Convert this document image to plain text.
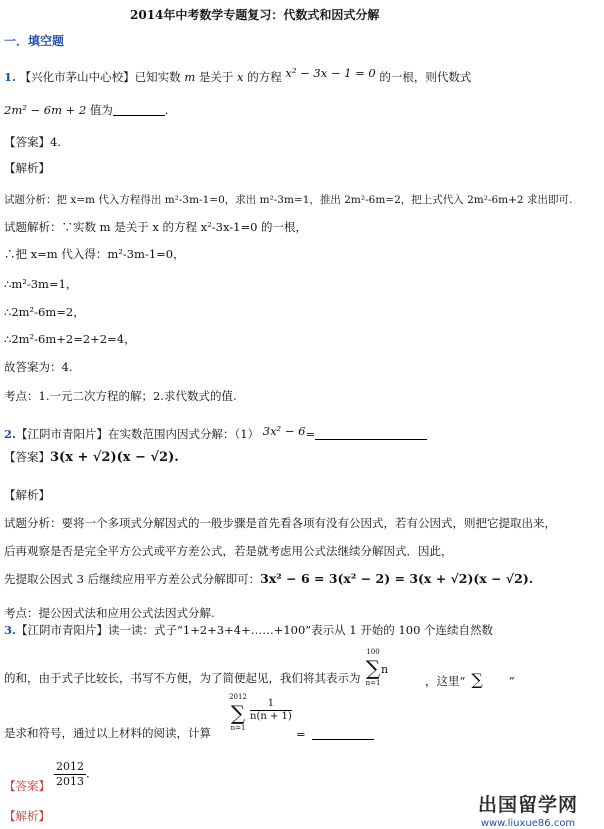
2014年中考数学专题复习：代数式和因式分解
一．填空题
1. 【兴化市茅山中心校】已知实数 m 是关于 x 的方程 x² − 3x − 1 = 0 的一根，则代数式
2m² − 6m + 2 值为	.
【答案】4.
【解析】
试题分析：把 x=m 代入方程得出 m²-3m-1=0，求出 m²-3m=1，推出 2m²-6m=2，把上式代入 2m²-6m+2 求出即可.
试题解析：∵实数 m 是关于 x 的方程 x²-3x-1=0 的一根，
∴把 x=m 代入得：m²-3m-1=0，
∴m²-3m=1，
∴2m²-6m=2，
∴2m²-6m+2=2+2=4，
故答案为：4.
考点：1.一元二次方程的解；2.求代数式的值.
2.【江阴市青阳片】在实数范围内因式分解：（1） 3x² − 6=
【答案】3(x + √2)(x − √2).
【解析】
试题分析：要将一个多项式分解因式的一般步骤是首先看各项有没有公因式，若有公因式，则把它提取出来，
后再观察是否是完全平方公式或平方差公式，若是就考虑用公式法继续分解因式．因此，
先提取公因式 3 后继续应用平方差公式分解即可：3x² − 6 = 3(x² − 2) = 3(x + √2)(x − √2).
考点：提公因式法和应用公式法因式分解.
3.【江阴市青阳片】读一读：式子“1+2+3+4+……+100”表示从 1 开始的 100 个连续自然数
的和，由于式子比较长，书写不方便，为了简便起见，我们将其表示为
100
∑
n=1
n
，这里“ ∑ ”
是求和符号，通过以上材料的阅读，计算
2012
∑
n=1
$\frac{1}{n(n + 1)}$
=
【答案】 $\frac{2012}{2013}$ .
【解析】	出国留学网
www.liuxue86.com
